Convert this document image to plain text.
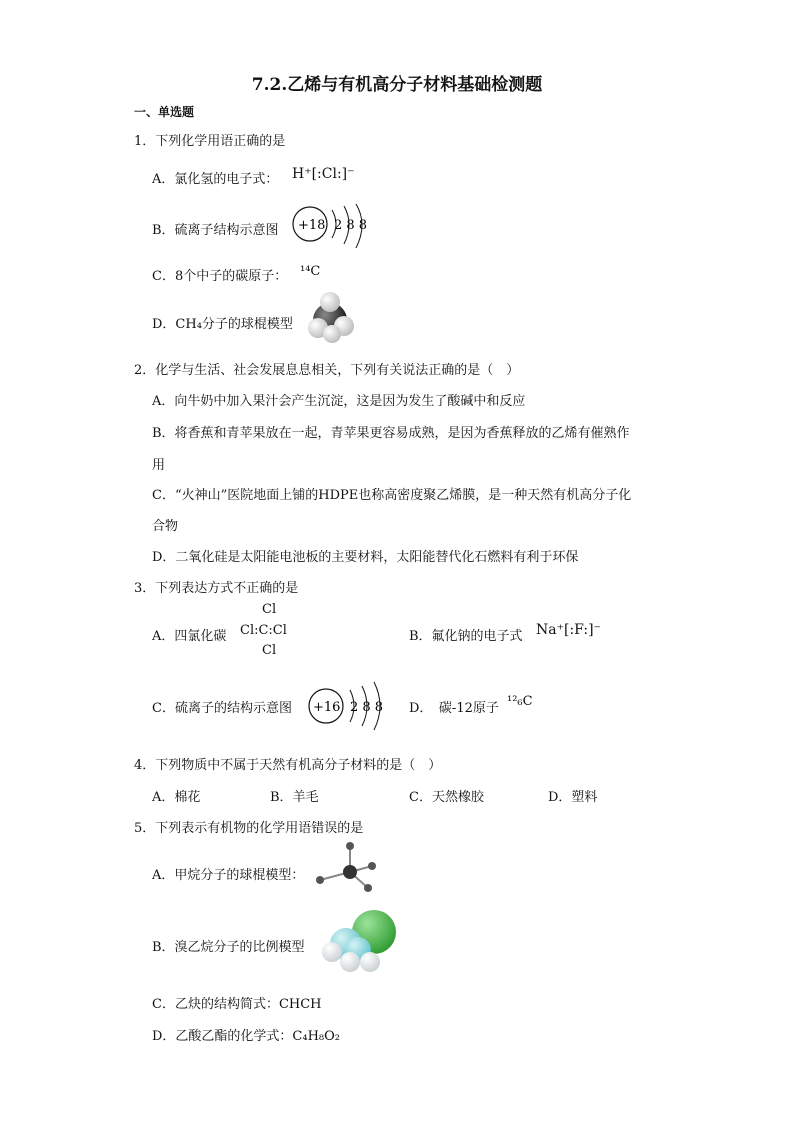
7.2.乙烯与有机高分子材料基础检测题
一、单选题
1．下列化学用语正确的是
A．氯化氢的电子式： H⁺[:Cl:]⁻
B．硫离子结构示意图 +18 2 8 8
C．8个中子的碳原子： ¹⁴C
D．CH₄分子的球棍模型
2．化学与生活、社会发展息息相关，下列有关说法正确的是（　）
A．向牛奶中加入果汁会产生沉淀，这是因为发生了酸碱中和反应
B．将香蕉和青苹果放在一起，青苹果更容易成熟，是因为香蕉释放的乙烯有催熟作
用
C．“火神山”医院地面上铺的HDPE也称高密度聚乙烯膜，是一种天然有机高分子化
合物
D．二氧化硅是太阳能电池板的主要材料，太阳能替代化石燃料有利于环保
3．下列表达方式不正确的是
A．四氯化碳
Cl
Cl:C:Cl
Cl
B．氟化钠的电子式 Na⁺[:F:]⁻
C．硫离子的结构示意图 +16 2 8 8 D．　碳-12原子 ¹²₆C
4．下列物质中不属于天然有机高分子材料的是（　）
A．棉花	B．羊毛	C．天然橡胶	D．塑料
5．下列表示有机物的化学用语错误的是
A．甲烷分子的球棍模型：
B．溴乙烷分子的比例模型
C．乙炔的结构简式：CHCH
D．乙酸乙酯的化学式：C₄H₈O₂
